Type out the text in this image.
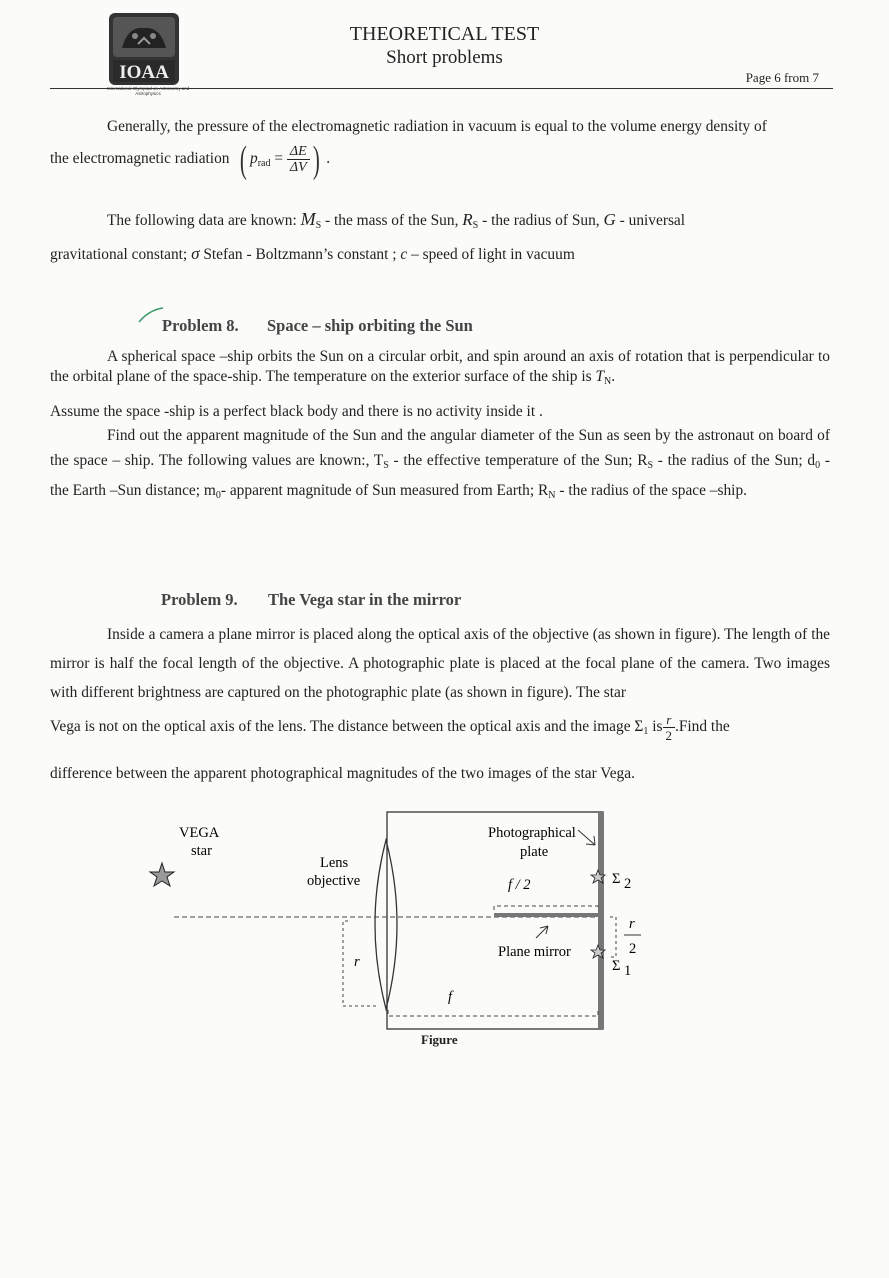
IOAA
International Olympiad on Astronomy and Astrophysics
THEORETICAL TEST
Short problems
Page 6 from 7

Generally, the pressure of the electromagnetic radiation in vacuum is equal to the volume energy density of

the electromagnetic radiation ( $p_{rad} = \frac{\Delta E}{\Delta V}$ ) .
The following data are known: $M_S$ - the mass of the Sun, $R_S$ - the radius of Sun, G - universal
gravitational constant; σ Stefan - Boltzmann’s constant ; c – speed of light in vacuum
Problem 8. Space – ship orbiting the Sun

A spherical space –ship orbits the Sun on a circular orbit, and spin around an axis of rotation that is perpendicular to the orbital plane of the space-ship. The temperature on the exterior surface of the ship is $T_N$.

Assume the space -ship is a perfect black body and there is no activity inside it .

Find out the apparent magnitude of the Sun and the angular diameter of the Sun as seen by the astronaut on board of the space – ship. The following values are known:, $T_S$ - the effective temperature of the Sun; $R_S$ - the radius of the Sun; $d_0$ - the Earth –Sun distance; $m_0-$ apparent magnitude of Sun measured from Earth; $R_N$ - the radius of the space –ship.

Problem 9. The Vega star in the mirror

Inside a camera a plane mirror is placed along the optical axis of the objective (as shown in figure). The length of the mirror is half the focal length of the objective. A photographic plate is placed at the focal plane of the camera. Two images with different brightness are captured on the photographic plate (as shown in figure). The star

Vega is not on the optical axis of the lens. The distance between the optical axis and the image $\Sigma_1$ is $\frac{r}{2}$ .Find the

difference between the apparent photographical magnitudes of the two images of the star Vega.

VEGA
star
Lens
objective
Photographical
plate
f / 2
Plane mirror
r
f
Σ 2
Σ 1
r
2
Figure
